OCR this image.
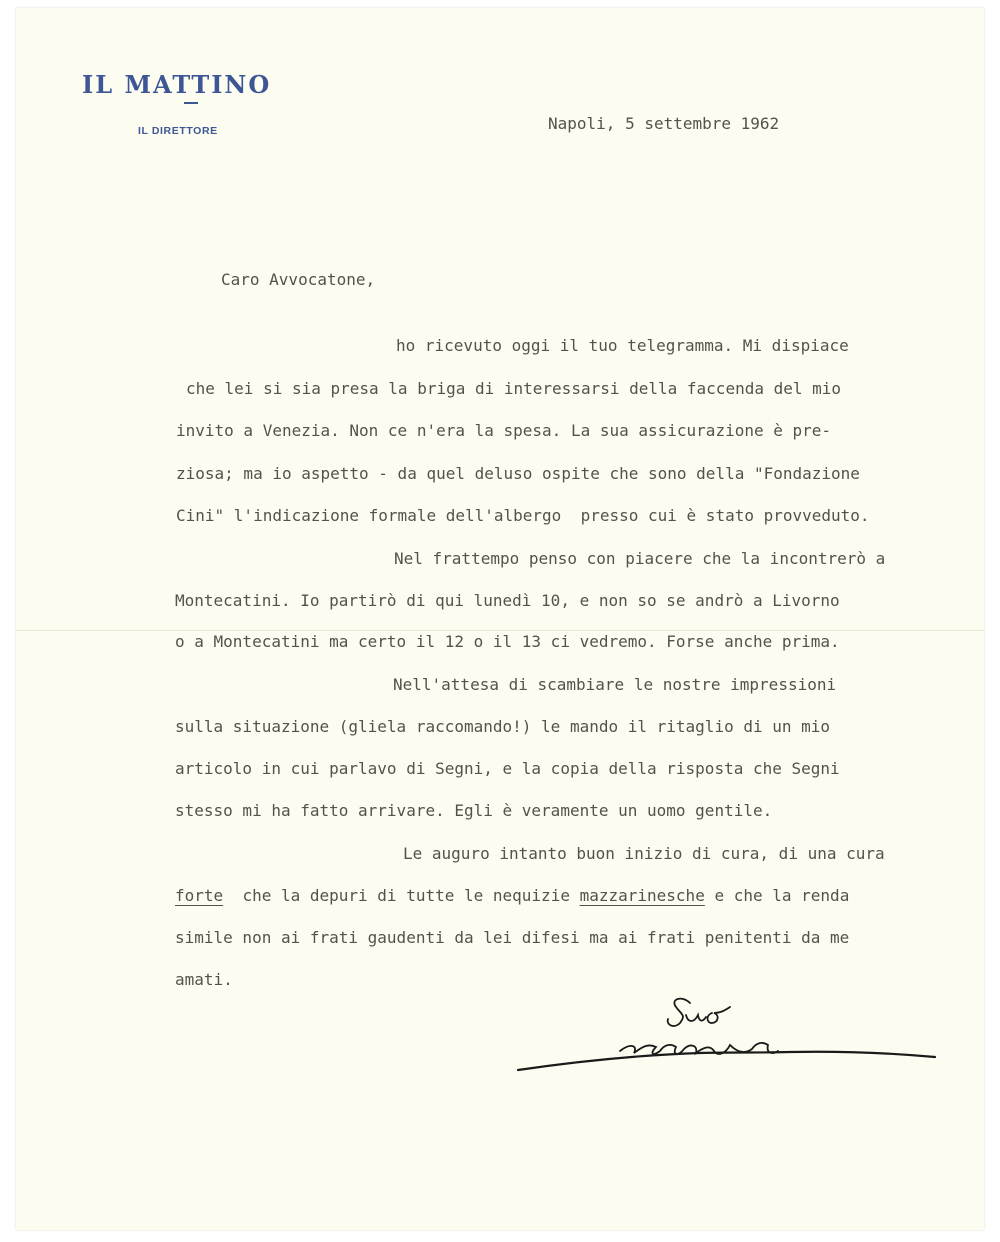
IL MATTINO
IL DIRETTORE	Napoli, 5 settembre 1962
Caro Avvocatone,
ho ricevuto oggi il tuo telegramma. Mi dispiace
che lei si sia presa la briga di interessarsi della faccenda del mio
invito a Venezia. Non ce n'era la spesa. La sua assicurazione è pre-
ziosa; ma io aspetto - da quel deluso ospite che sono della "Fondazione
Cini" l'indicazione formale dell'albergo  presso cui è stato provveduto.
Nel frattempo penso con piacere che la incontrerò a
Montecatini. Io partirò di qui lunedì 10, e non so se andrò a Livorno
o a Montecatini ma certo il 12 o il 13 ci vedremo. Forse anche prima.
Nell'attesa di scambiare le nostre impressioni
sulla situazione (gliela raccomando!) le mando il ritaglio di un mio
articolo in cui parlavo di Segni, e la copia della risposta che Segni
stesso mi ha fatto arrivare. Egli è veramente un uomo gentile.
Le auguro intanto buon inizio di cura, di una cura
forte  che la depuri di tutte le nequizie mazzarinesche e che la renda
simile non ai frati gaudenti da lei difesi ma ai frati penitenti da me
amati.
